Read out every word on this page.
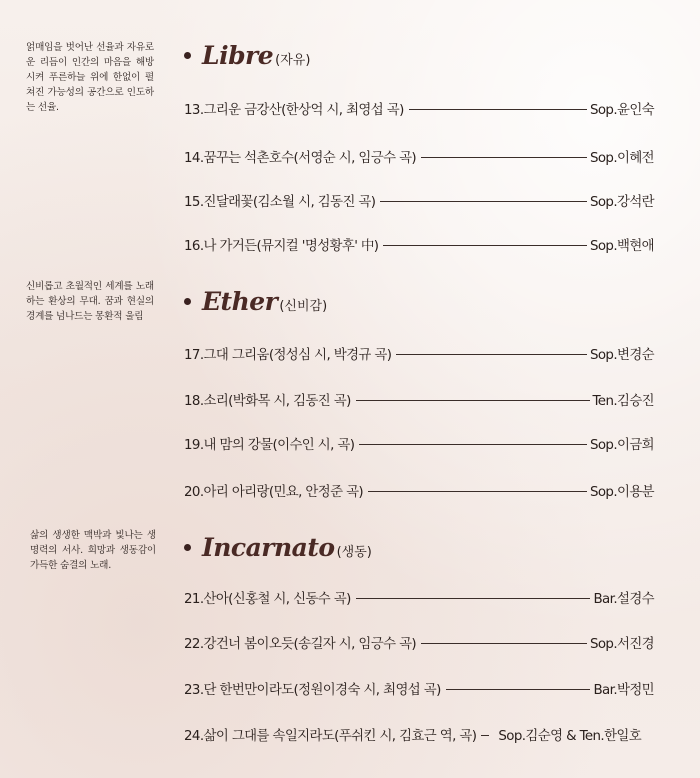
얽매임을 벗어난 선율과 자유로운 리듬이 인간의 마음을 해방시켜 푸른하늘 위에 한없이 펼쳐진 가능성의 공간으로 인도하는 선율.
Libre (자유)
13.그리운 금강산(한상억 시, 최영섭 곡)	Sop.윤인숙
14.꿈꾸는 석촌호수(서영순 시, 임긍수 곡)	Sop.이혜전
15.진달래꽃(김소월 시, 김동진 곡)	Sop.강석란
16.나 가거든(뮤지컬 '명성황후' 中)	Sop.백현애
신비롭고 초월적인 세계를 노래하는 환상의 무대. 꿈과 현실의 경계를 넘나드는 몽환적 울림
Ether (신비감)
17.그대 그리움(정성심 시, 박경규 곡)	Sop.변경순
18.소리(박화목 시, 김동진 곡)	Ten.김승진
19.내 맘의 강물(이수인 시, 곡)	Sop.이금희
20.아리 아리랑(민요, 안정준 곡)	Sop.이용분
삶의 생생한 맥박과 빛나는 생명력의 서사. 희망과 생동감이 가득한 숨결의 노래.
Incarnato (생동)
21.산아(신홍철 시, 신동수 곡)	Bar.설경수
22.강건너 봄이오듯(송길자 시, 임긍수 곡)	Sop.서진경
23.단 한번만이라도(정원이경숙 시, 최영섭 곡)	Bar.박정민
24.삶이 그대를 속일지라도(푸쉬킨 시, 김효근 역, 곡) Sop.김순영 & Ten.한일호
